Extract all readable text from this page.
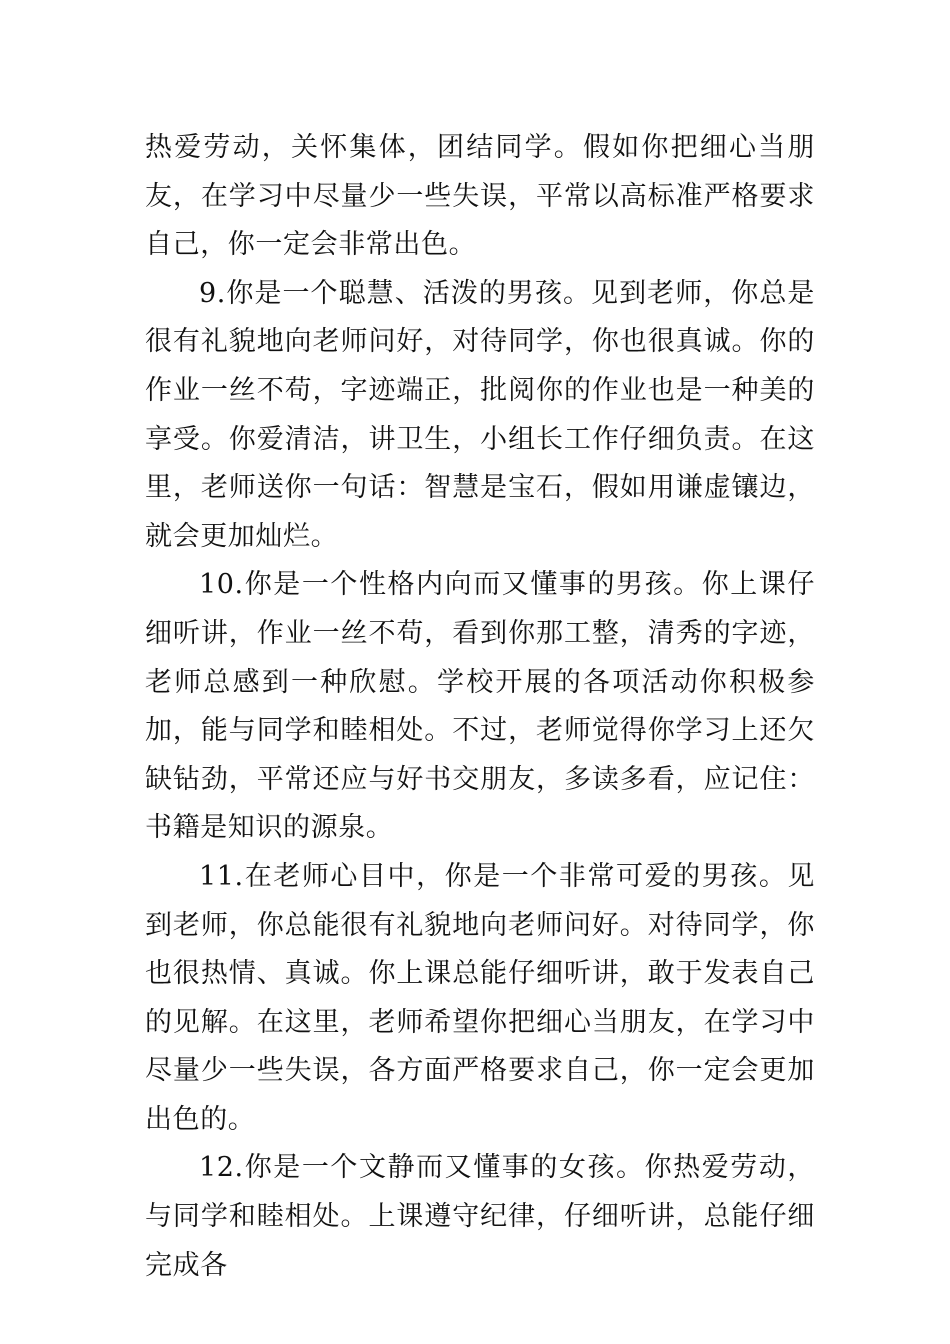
热爱劳动，关怀集体，团结同学。假如你把细心当朋友，在学习中尽量少一些失误，平常以高标准严格要求自己，你一定会非常出色。

9.你是一个聪慧、活泼的男孩。见到老师，你总是很有礼貌地向老师问好，对待同学，你也很真诚。你的作业一丝不苟，字迹端正，批阅你的作业也是一种美的享受。你爱清洁，讲卫生，小组长工作仔细负责。在这里，老师送你一句话：智慧是宝石，假如用谦虚镶边，就会更加灿烂。

10.你是一个性格内向而又懂事的男孩。你上课仔细听讲，作业一丝不苟，看到你那工整，清秀的字迹，老师总感到一种欣慰。学校开展的各项活动你积极参加，能与同学和睦相处。不过，老师觉得你学习上还欠缺钻劲，平常还应与好书交朋友，多读多看，应记住：书籍是知识的源泉。

11.在老师心目中，你是一个非常可爱的男孩。见到老师，你总能很有礼貌地向老师问好。对待同学，你也很热情、真诚。你上课总能仔细听讲，敢于发表自己的见解。在这里，老师希望你把细心当朋友，在学习中尽量少一些失误，各方面严格要求自己，你一定会更加出色的。

12.你是一个文静而又懂事的女孩。你热爱劳动，与同学和睦相处。上课遵守纪律，仔细听讲，总能仔细完成各
